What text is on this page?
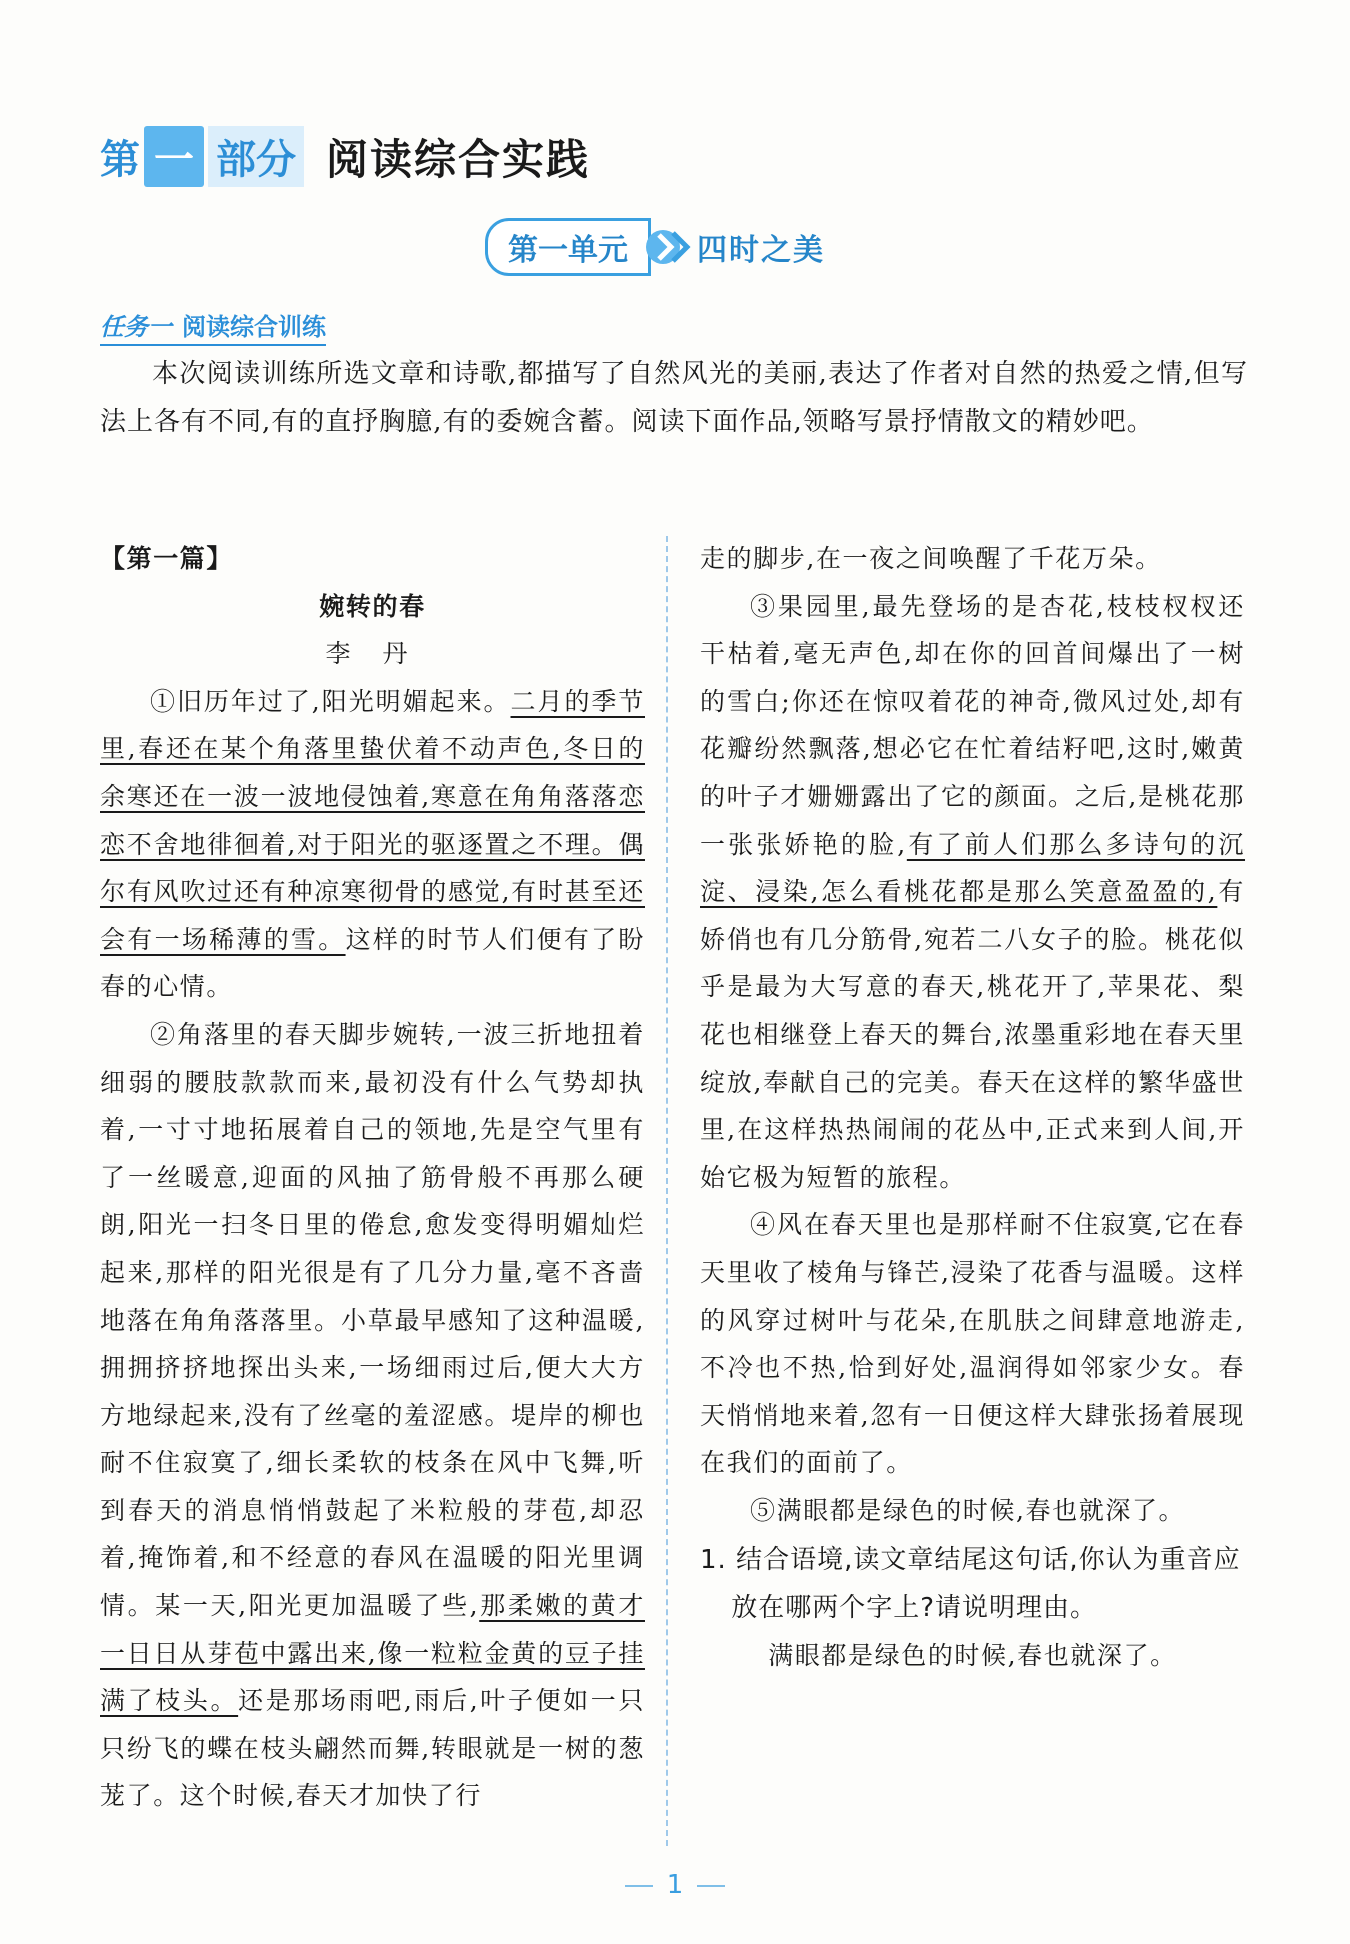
第 一 部分 阅读综合实践
第一单元	四时之美
任务一 阅读综合训练
本次阅读训练所选文章和诗歌,都描写了自然风光的美丽,表达了作者对自然的热爱之情,但写法上各有不同,有的直抒胸臆,有的委婉含蓄。阅读下面作品,领略写景抒情散文的精妙吧。
【第一篇】
婉转的春
李 丹

①旧历年过了,阳光明媚起来。二月的季节里,春还在某个角落里蛰伏着不动声色,冬日的余寒还在一波一波地侵蚀着,寒意在角角落落恋恋不舍地徘徊着,对于阳光的驱逐置之不理。偶尔有风吹过还有种凉寒彻骨的感觉,有时甚至还会有一场稀薄的雪。这样的时节人们便有了盼春的心情。

②角落里的春天脚步婉转,一波三折地扭着细弱的腰肢款款而来,最初没有什么气势却执着,一寸寸地拓展着自己的领地,先是空气里有了一丝暖意,迎面的风抽了筋骨般不再那么硬朗,阳光一扫冬日里的倦怠,愈发变得明媚灿烂起来,那样的阳光很是有了几分力量,毫不吝啬地落在角角落落里。小草最早感知了这种温暖,拥拥挤挤地探出头来,一场细雨过后,便大大方方地绿起来,没有了丝毫的羞涩感。堤岸的柳也耐不住寂寞了,细长柔软的枝条在风中飞舞,听到春天的消息悄悄鼓起了米粒般的芽苞,却忍着,掩饰着,和不经意的春风在温暖的阳光里调情。某一天,阳光更加温暖了些,那柔嫩的黄才一日日从芽苞中露出来,像一粒粒金黄的豆子挂满了枝头。还是那场雨吧,雨后,叶子便如一只只纷飞的蝶在枝头翩然而舞,转眼就是一树的葱茏了。这个时候,春天才加快了行

走的脚步,在一夜之间唤醒了千花万朵。

③果园里,最先登场的是杏花,枝枝杈杈还干枯着,毫无声色,却在你的回首间爆出了一树的雪白;你还在惊叹着花的神奇,微风过处,却有花瓣纷然飘落,想必它在忙着结籽吧,这时,嫩黄的叶子才姗姗露出了它的颜面。之后,是桃花那一张张娇艳的脸,有了前人们那么多诗句的沉淀、浸染,怎么看桃花都是那么笑意盈盈的,有娇俏也有几分筋骨,宛若二八女子的脸。桃花似乎是最为大写意的春天,桃花开了,苹果花、梨花也相继登上春天的舞台,浓墨重彩地在春天里绽放,奉献自己的完美。春天在这样的繁华盛世里,在这样热热闹闹的花丛中,正式来到人间,开始它极为短暂的旅程。

④风在春天里也是那样耐不住寂寞,它在春天里收了棱角与锋芒,浸染了花香与温暖。这样的风穿过树叶与花朵,在肌肤之间肆意地游走,不冷也不热,恰到好处,温润得如邻家少女。春天悄悄地来着,忽有一日便这样大肆张扬着展现在我们的面前了。

⑤满眼都是绿色的时候,春也就深了。

1. 结合语境,读文章结尾这句话,你认为重音应放在哪两个字上?请说明理由。
满眼都是绿色的时候,春也就深了。
1
